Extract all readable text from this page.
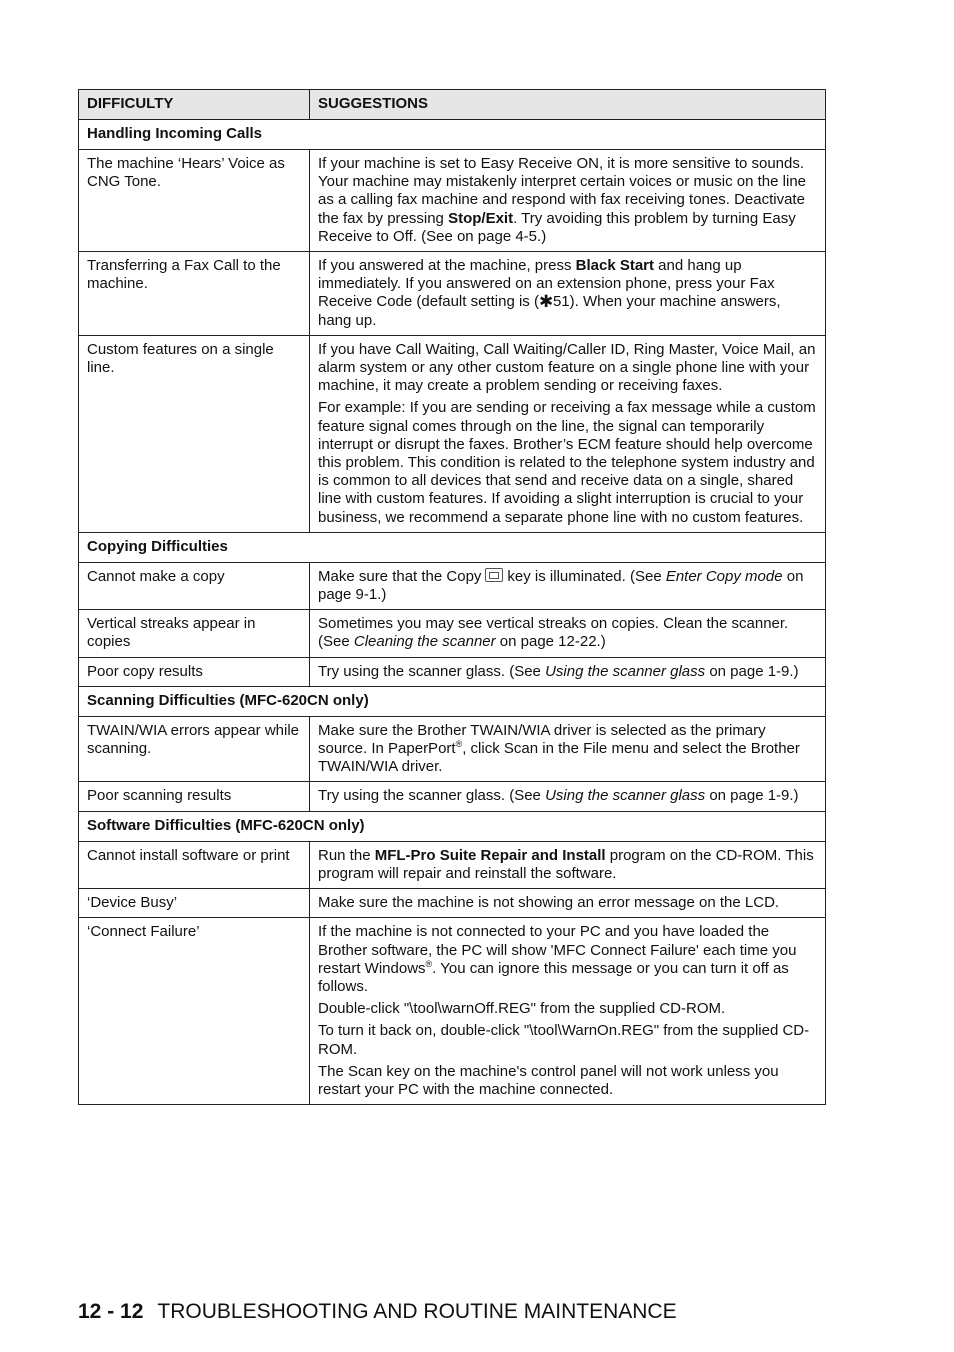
DIFFICULTY	SUGGESTIONS
Handling Incoming Calls	
The machine ‘Hears’ Voice as CNG Tone.	If your machine is set to Easy Receive ON, it is more sensitive to sounds. Your machine may mistakenly interpret certain voices or music on the line as a calling fax machine and respond with fax receiving tones. Deactivate the fax by pressing Stop/Exit. Try avoiding this problem by turning Easy Receive to Off. (See on page 4-5.)
Transferring a Fax Call to the machine.	If you answered at the machine, press Black Start and hang up immediately. If you answered on an extension phone, press your Fax Receive Code (default setting is (✱51). When your machine answers, hang up.
Custom features on a single line.	If you have Call Waiting, Call Waiting/Caller ID, Ring Master, Voice Mail, an alarm system or any other custom feature on a single phone line with your machine, it may create a problem sending or receiving faxes.
For example: If you are sending or receiving a fax message while a custom feature signal comes through on the line, the signal can temporarily interrupt or disrupt the faxes. Brother’s ECM feature should help overcome this problem. This condition is related to the telephone system industry and is common to all devices that send and receive data on a single, shared line with custom features. If avoiding a slight interruption is crucial to your business, we recommend a separate phone line with no custom features.

Copying Difficulties	
Cannot make a copy	Make sure that the Copy key is illuminated. (See Enter Copy mode on page 9-1.)
Vertical streaks appear in copies	Sometimes you may see vertical streaks on copies. Clean the scanner. (See Cleaning the scanner on page 12-22.)
Poor copy results	Try using the scanner glass. (See Using the scanner glass on page 1-9.)
Scanning Difficulties (MFC-620CN only)	
TWAIN/WIA errors appear while scanning.	Make sure the Brother TWAIN/WIA driver is selected as the primary source. In PaperPort®, click Scan in the File menu and select the Brother TWAIN/WIA driver.
Poor scanning results	Try using the scanner glass. (See Using the scanner glass on page 1-9.)
Software Difficulties (MFC-620CN only)	
Cannot install software or print	Run the MFL-Pro Suite Repair and Install program on the CD-ROM. This program will repair and reinstall the software.
‘Device Busy’	Make sure the machine is not showing an error message on the LCD.
‘Connect Failure’	If the machine is not connected to your PC and you have loaded the Brother software, the PC will show 'MFC Connect Failure' each time you restart Windows®. You can ignore this message or you can turn it off as follows.
Double-click "\tool\warnOff.REG" from the supplied CD-ROM.
To turn it back on, double-click "\tool\WarnOn.REG" from the supplied CD-ROM.
The Scan key on the machine's control panel will not work unless you restart your PC with the machine connected.
12 - 12 TROUBLESHOOTING AND ROUTINE MAINTENANCE
